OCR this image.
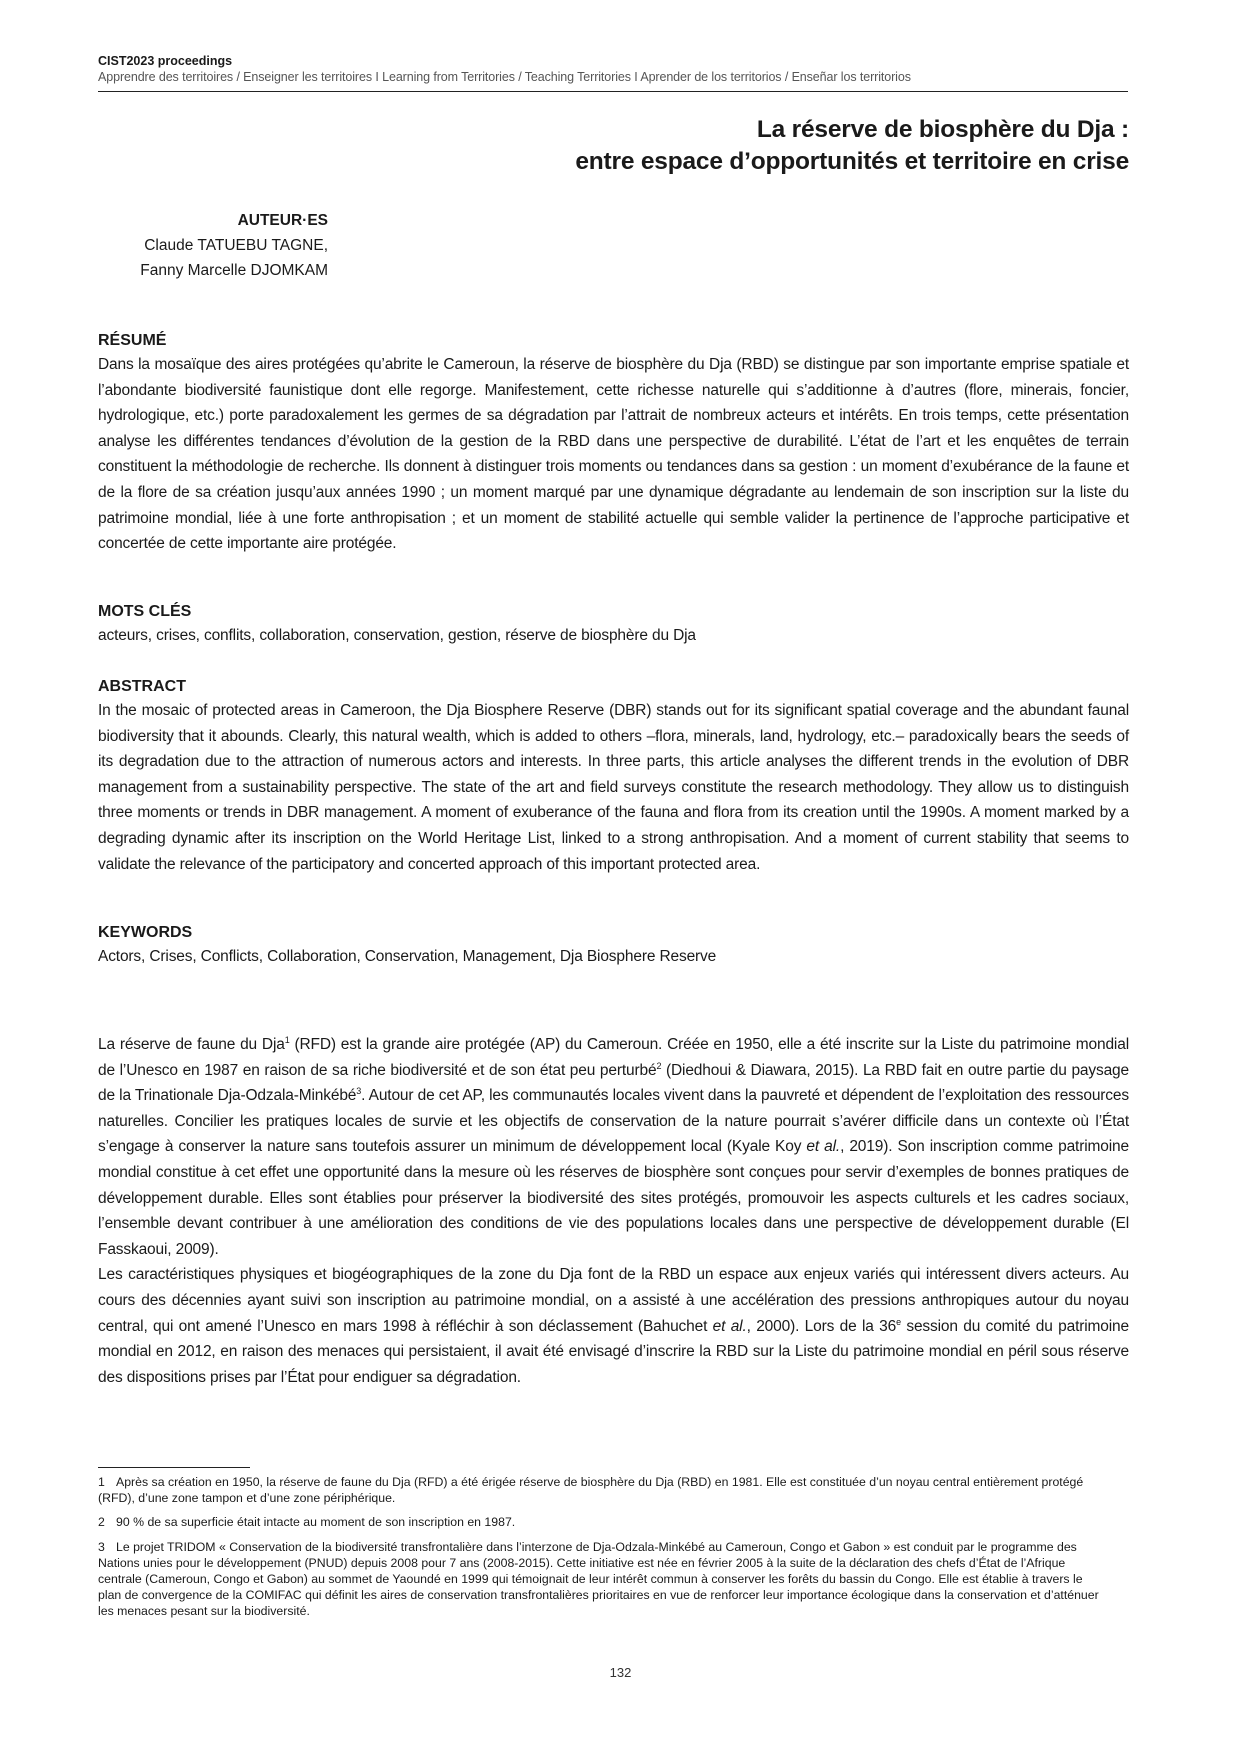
CIST2023 proceedings
Apprendre des territoires / Enseigner les territoires I Learning from Territories / Teaching Territories I Aprender de los territorios / Enseñar los territorios
La réserve de biosphère du Dja :
entre espace d’opportunités et territoire en crise
AUTEUR·ES
Claude TATUEBU TAGNE,
Fanny Marcelle DJOMKAM
RÉSUMÉ

Dans la mosaïque des aires protégées qu’abrite le Cameroun, la réserve de biosphère du Dja (RBD) se distingue par son importante emprise spatiale et l’abondante biodiversité faunistique dont elle regorge. Manifestement, cette richesse naturelle qui s’additionne à d’autres (flore, minerais, foncier, hydrologique, etc.) porte paradoxalement les germes de sa dégradation par l’attrait de nombreux acteurs et intérêts. En trois temps, cette présentation analyse les différentes tendances d’évolution de la gestion de la RBD dans une perspective de durabilité. L’état de l’art et les enquêtes de terrain constituent la méthodologie de recherche. Ils donnent à distinguer trois moments ou tendances dans sa gestion : un moment d’exubérance de la faune et de la flore de sa création jusqu’aux années 1990 ; un moment marqué par une dynamique dégradante au lendemain de son inscription sur la liste du patrimoine mondial, liée à une forte anthropisation ; et un moment de stabilité actuelle qui semble valider la pertinence de l’approche participative et concertée de cette importante aire protégée.

MOTS CLÉS

acteurs, crises, conflits, collaboration, conservation, gestion, réserve de biosphère du Dja

ABSTRACT

In the mosaic of protected areas in Cameroon, the Dja Biosphere Reserve (DBR) stands out for its significant spatial coverage and the abundant faunal biodiversity that it abounds. Clearly, this natural wealth, which is added to others –flora, minerals, land, hydrology, etc.– paradoxically bears the seeds of its degradation due to the attraction of numerous actors and interests. In three parts, this article analyses the different trends in the evolution of DBR management from a sustainability perspective. The state of the art and field surveys constitute the research methodology. They allow us to distinguish three moments or trends in DBR management. A moment of exuberance of the fauna and flora from its creation until the 1990s. A moment marked by a degrading dynamic after its inscription on the World Heritage List, linked to a strong anthropisation. And a moment of current stability that seems to validate the relevance of the participatory and concerted approach of this important protected area.

KEYWORDS

Actors, Crises, Conflicts, Collaboration, Conservation, Management, Dja Biosphere Reserve

La réserve de faune du Dja$^1$ (RFD) est la grande aire protégée (AP) du Cameroun. Créée en 1950, elle a été inscrite sur la Liste du patrimoine mondial de l’Unesco en 1987 en raison de sa riche biodiversité et de son état peu perturbé$^2$ (Diedhoui & Diawara, 2015). La RBD fait en outre partie du paysage de la Trinationale Dja-Odzala-Minkébé$^3$. Autour de cet AP, les communautés locales vivent dans la pauvreté et dépendent de l’exploitation des ressources naturelles. Concilier les pratiques locales de survie et les objectifs de conservation de la nature pourrait s’avérer difficile dans un contexte où l’État s’engage à conserver la nature sans toutefois assurer un minimum de développement local (Kyale Koy et al., 2019). Son inscription comme patrimoine mondial constitue à cet effet une opportunité dans la mesure où les réserves de biosphère sont conçues pour servir d’exemples de bonnes pratiques de développement durable. Elles sont établies pour préserver la biodiversité des sites protégés, promouvoir les aspects culturels et les cadres sociaux, l’ensemble devant contribuer à une amélioration des conditions de vie des populations locales dans une perspective de développement durable (El Fasskaoui, 2009).

Les caractéristiques physiques et biogéographiques de la zone du Dja font de la RBD un espace aux enjeux variés qui intéressent divers acteurs. Au cours des décennies ayant suivi son inscription au patrimoine mondial, on a assisté à une accélération des pressions anthropiques autour du noyau central, qui ont amené l’Unesco en mars 1998 à réfléchir à son déclassement (Bahuchet et al., 2000). Lors de la 36e session du comité du patrimoine mondial en 2012, en raison des menaces qui persistaient, il avait été envisagé d’inscrire la RBD sur la Liste du patrimoine mondial en péril sous réserve des dispositions prises par l’État pour endiguer sa dégradation.

1 Après sa création en 1950, la réserve de faune du Dja (RFD) a été érigée réserve de biosphère du Dja (RBD) en 1981. Elle est constituée d’un noyau central entièrement protégé (RFD), d’une zone tampon et d’une zone périphérique.
2 90 % de sa superficie était intacte au moment de son inscription en 1987.
3 Le projet TRIDOM « Conservation de la biodiversité transfrontalière dans l’interzone de Dja-Odzala-Minkébé au Cameroun, Congo et Gabon » est conduit par le programme des Nations unies pour le développement (PNUD) depuis 2008 pour 7 ans (2008-2015). Cette initiative est née en février 2005 à la suite de la déclaration des chefs d’État de l’Afrique centrale (Cameroun, Congo et Gabon) au sommet de Yaoundé en 1999 qui témoignait de leur intérêt commun à conserver les forêts du bassin du Congo. Elle est établie à travers le plan de convergence de la COMIFAC qui définit les aires de conservation transfrontalières prioritaires en vue de renforcer leur importance écologique dans la conservation et d’atténuer les menaces pesant sur la biodiversité.
132
